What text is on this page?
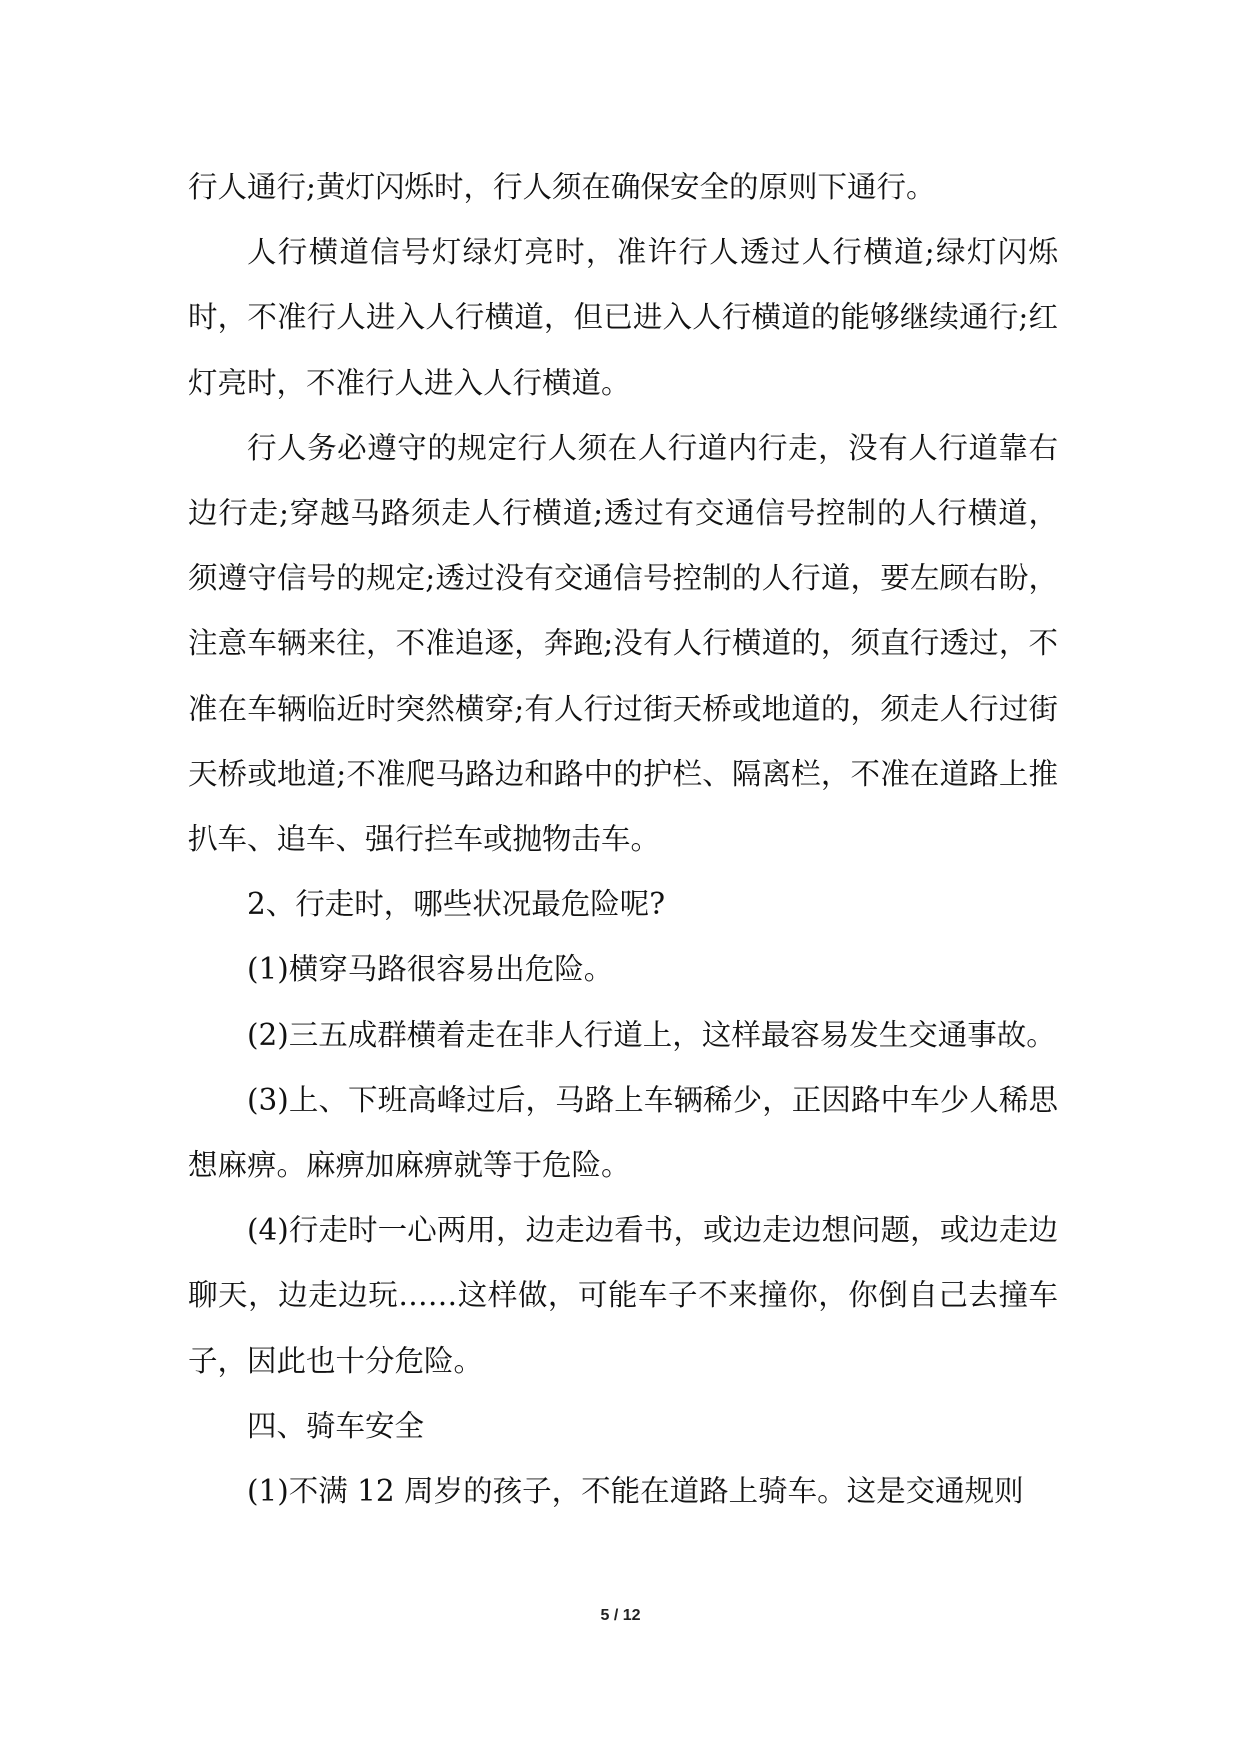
行人通行;黄灯闪烁时，行人须在确保安全的原则下通行。

人行横道信号灯绿灯亮时，准许行人透过人行横道;绿灯闪烁时，不准行人进入人行横道，但已进入人行横道的能够继续通行;红灯亮时，不准行人进入人行横道。

行人务必遵守的规定行人须在人行道内行走，没有人行道靠右边行走;穿越马路须走人行横道;透过有交通信号控制的人行横道，须遵守信号的规定;透过没有交通信号控制的人行道，要左顾右盼，注意车辆来往，不准追逐，奔跑;没有人行横道的，须直行透过，不准在车辆临近时突然横穿;有人行过街天桥或地道的，须走人行过街天桥或地道;不准爬马路边和路中的护栏、隔离栏，不准在道路上推扒车、追车、强行拦车或抛物击车。

2、行走时，哪些状况最危险呢?

(1)横穿马路很容易出危险。

(2)三五成群横着走在非人行道上，这样最容易发生交通事故。

(3)上、下班高峰过后，马路上车辆稀少，正因路中车少人稀思想麻痹。麻痹加麻痹就等于危险。

(4)行走时一心两用，边走边看书，或边走边想问题，或边走边聊天，边走边玩……这样做，可能车子不来撞你，你倒自己去撞车子，因此也十分危险。

四、骑车安全

(1)不满 12 周岁的孩子，不能在道路上骑车。这是交通规则

5 / 12
